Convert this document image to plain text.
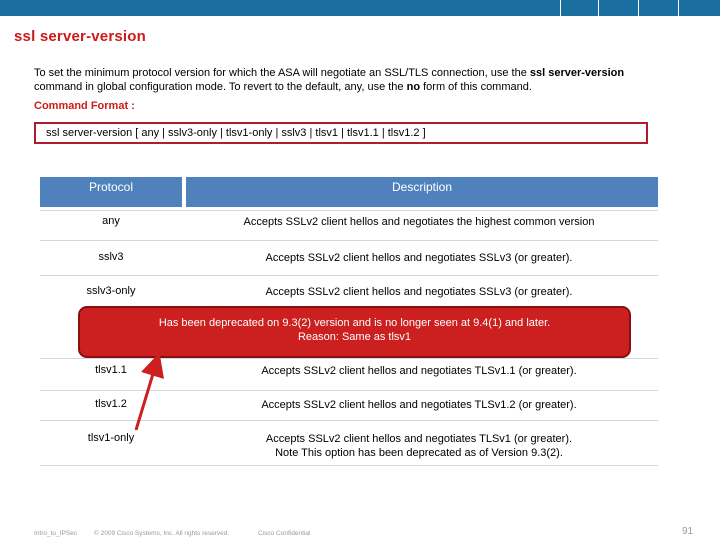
ssl server-version
To set the minimum protocol version for which the ASA will negotiate an SSL/TLS connection, use the ssl server-version command in global configuration mode. To revert to the default, any, use the no form of this command.
Command Format :
ssl server-version [ any | sslv3-only | tlsv1-only | sslv3 | tlsv1 | tlsv1.1 | tlsv1.2 ]
Protocol	Description
any	Accepts SSLv2 client hellos and negotiates the highest common version
sslv3	Accepts SSLv2 client hellos and negotiates SSLv3 (or greater).
sslv3-only	Accepts SSLv2 client hellos and negotiates SSLv3 (or greater).
tlsv1.1	Accepts SSLv2 client hellos and negotiates TLSv1.1 (or greater).
tlsv1.2	Accepts SSLv2 client hellos and negotiates TLSv1.2 (or greater).
tlsv1-only	Accepts SSLv2 client hellos and negotiates TLSv1 (or greater).
Note This option has been deprecated as of Version 9.3(2).
Has been deprecated on 9.3(2) version and is no longer seen at 9.4(1) and later.
Reason: Same as tlsv1
Intro_to_IPSec	© 2009 Cisco Systems, Inc. All rights reserved.	Cisco Confidential	91
